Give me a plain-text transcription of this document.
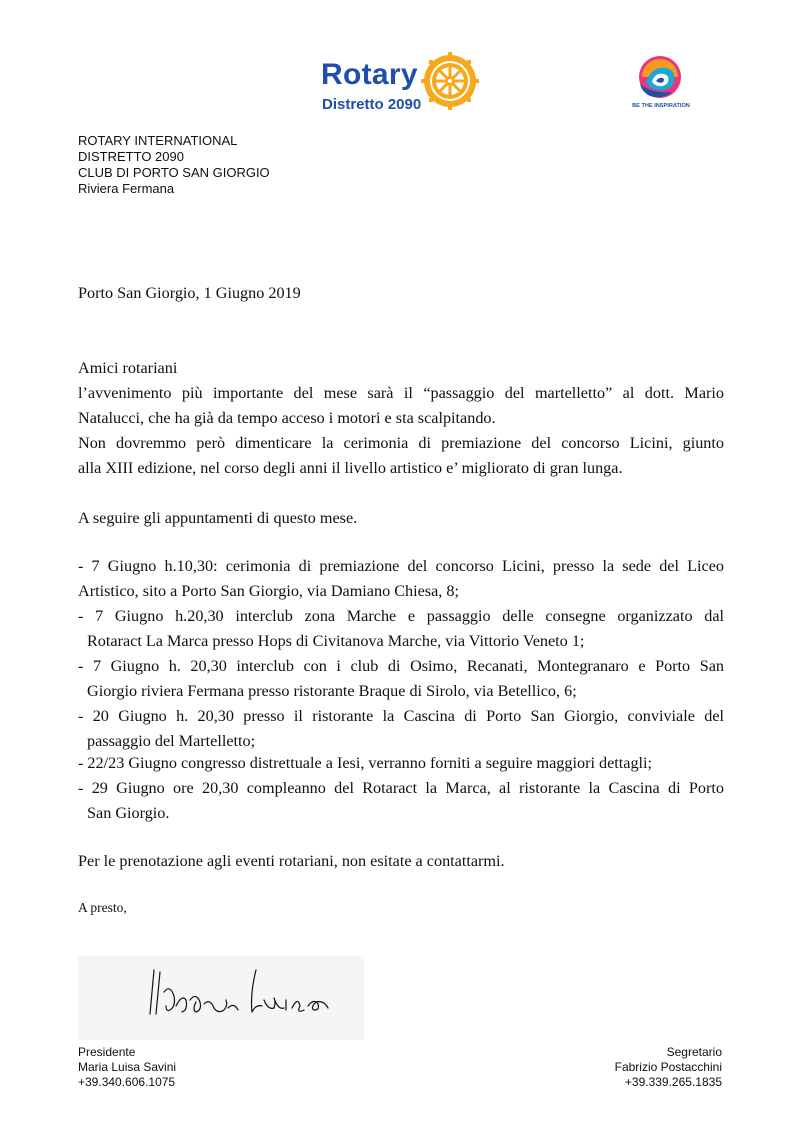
Rotary
Distretto 2090	BE THE INSPIRATION
ROTARY INTERNATIONAL
DISTRETTO 2090
CLUB DI PORTO SAN GIORGIO
Riviera Fermana
Porto San Giorgio, 1 Giugno 2019
Amici rotariani
l’avvenimento più importante del mese sarà il “passaggio del martelletto” al dott. Mario
Natalucci, che ha già da tempo acceso i motori e sta scalpitando.
Non dovremmo però dimenticare la cerimonia di premiazione del concorso Licini, giunto
alla XIII edizione, nel corso degli anni il livello artistico e’ migliorato di gran lunga.
A seguire gli appuntamenti di questo mese.
- 7 Giugno h.10,30: cerimonia di premiazione del concorso Licini, presso la sede del Liceo
Artistico, sito a Porto San Giorgio, via Damiano Chiesa, 8;
- 7 Giugno h.20,30 interclub zona Marche e passaggio delle consegne organizzato dal
Rotaract La Marca presso Hops di Civitanova Marche, via Vittorio Veneto 1;
- 7 Giugno h. 20,30 interclub con i club di Osimo, Recanati, Montegranaro e Porto San
Giorgio riviera Fermana presso ristorante Braque di Sirolo, via Betellico, 6;
- 20 Giugno h. 20,30 presso il ristorante la Cascina di Porto San Giorgio, conviviale del
passaggio del Martelletto;
- 22/23 Giugno congresso distrettuale a Iesi, verranno forniti a seguire maggiori dettagli;
- 29 Giugno ore 20,30 compleanno del Rotaract la Marca, al ristorante la Cascina di Porto
San Giorgio.
Per le prenotazione agli eventi rotariani, non esitate a contattarmi.
A presto,
Maria Luise
Presidente
Maria Luisa Savini
+39.340.606.1075
Segretario
Fabrizio Postacchini
+39.339.265.1835
